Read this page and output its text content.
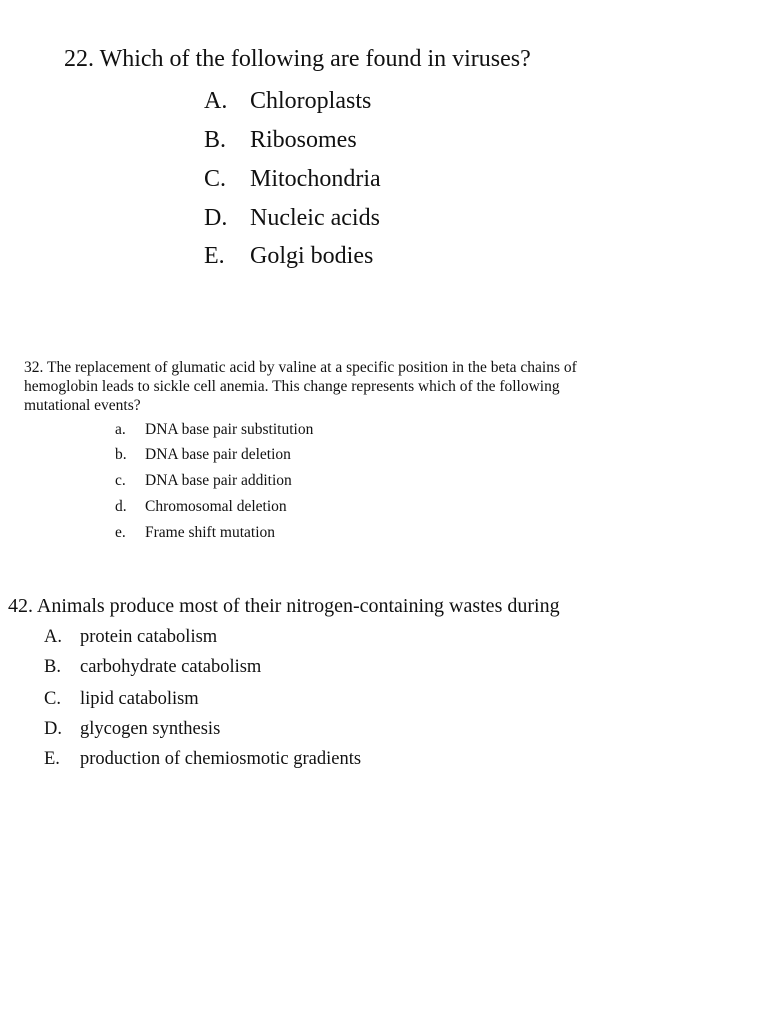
22. Which of the following are found in viruses?

A. Chloroplasts
B. Ribosomes
C. Mitochondria
D. Nucleic acids
E. Golgi bodies

32. The replacement of glumatic acid by valine at a specific position in the beta chains of

hemoglobin leads to sickle cell anemia. This change represents which of the following

mutational events?

a. DNA base pair substitution
b. DNA base pair deletion
c. DNA base pair addition
d. Chromosomal deletion
e. Frame shift mutation

42. Animals produce most of their nitrogen-containing wastes during

A. protein catabolism
B. carbohydrate catabolism
C. lipid catabolism
D. glycogen synthesis
E. production of chemiosmotic gradients
